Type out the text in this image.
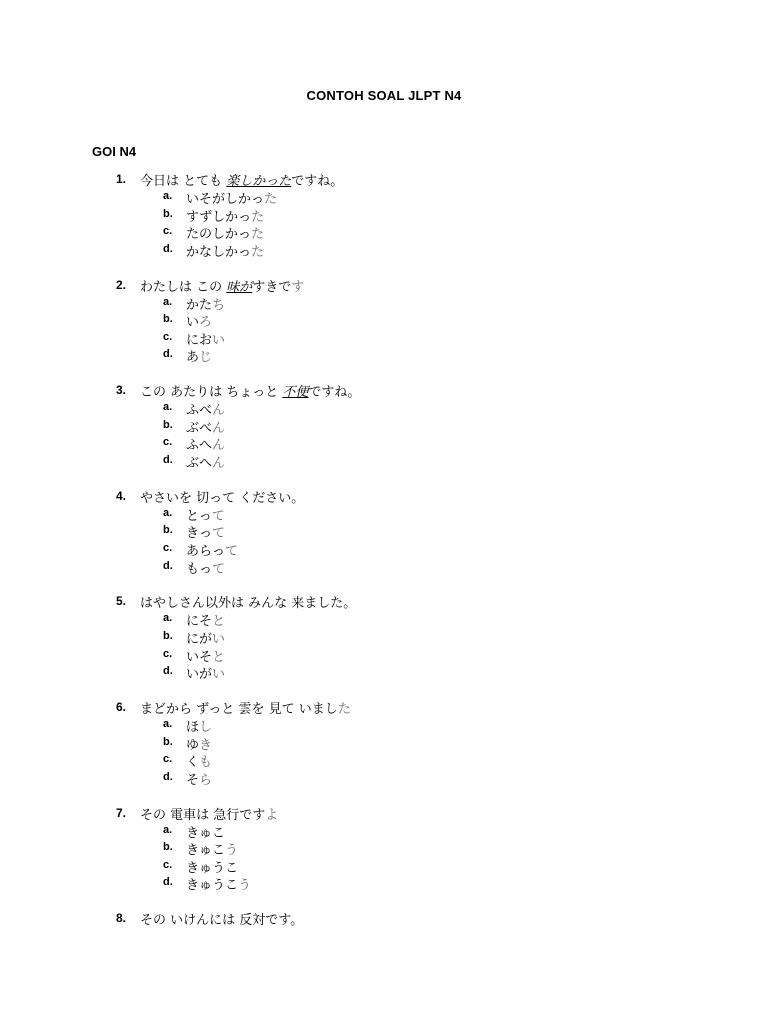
CONTOH SOAL JLPT N4
GOI N4
1. 今日は とても 楽しかったですね。
a. いそがしかった
b. すずしかった
c. たのしかった
d. かなしかった
2. わたしは この 味がすきです
a. かたち
b. いろ
c. におい
d. あじ
3. この あたりは ちょっと 不便ですね。
a. ふべん
b. ぶべん
c. ふへん
d. ぶへん
4. やさいを 切って ください。
a. とって
b. きって
c. あらって
d. もって
5. はやしさん以外は みんな 来ました。
a. にそと
b. にがい
c. いそと
d. いがい
6. まどから ずっと 雲を 見て いました
a. ほし
b. ゆき
c. くも
d. そら
7. その 電車は 急行ですよ
a. きゅこ
b. きゅこう
c. きゅうこ
d. きゅうこう
8. その いけんには 反対です。
